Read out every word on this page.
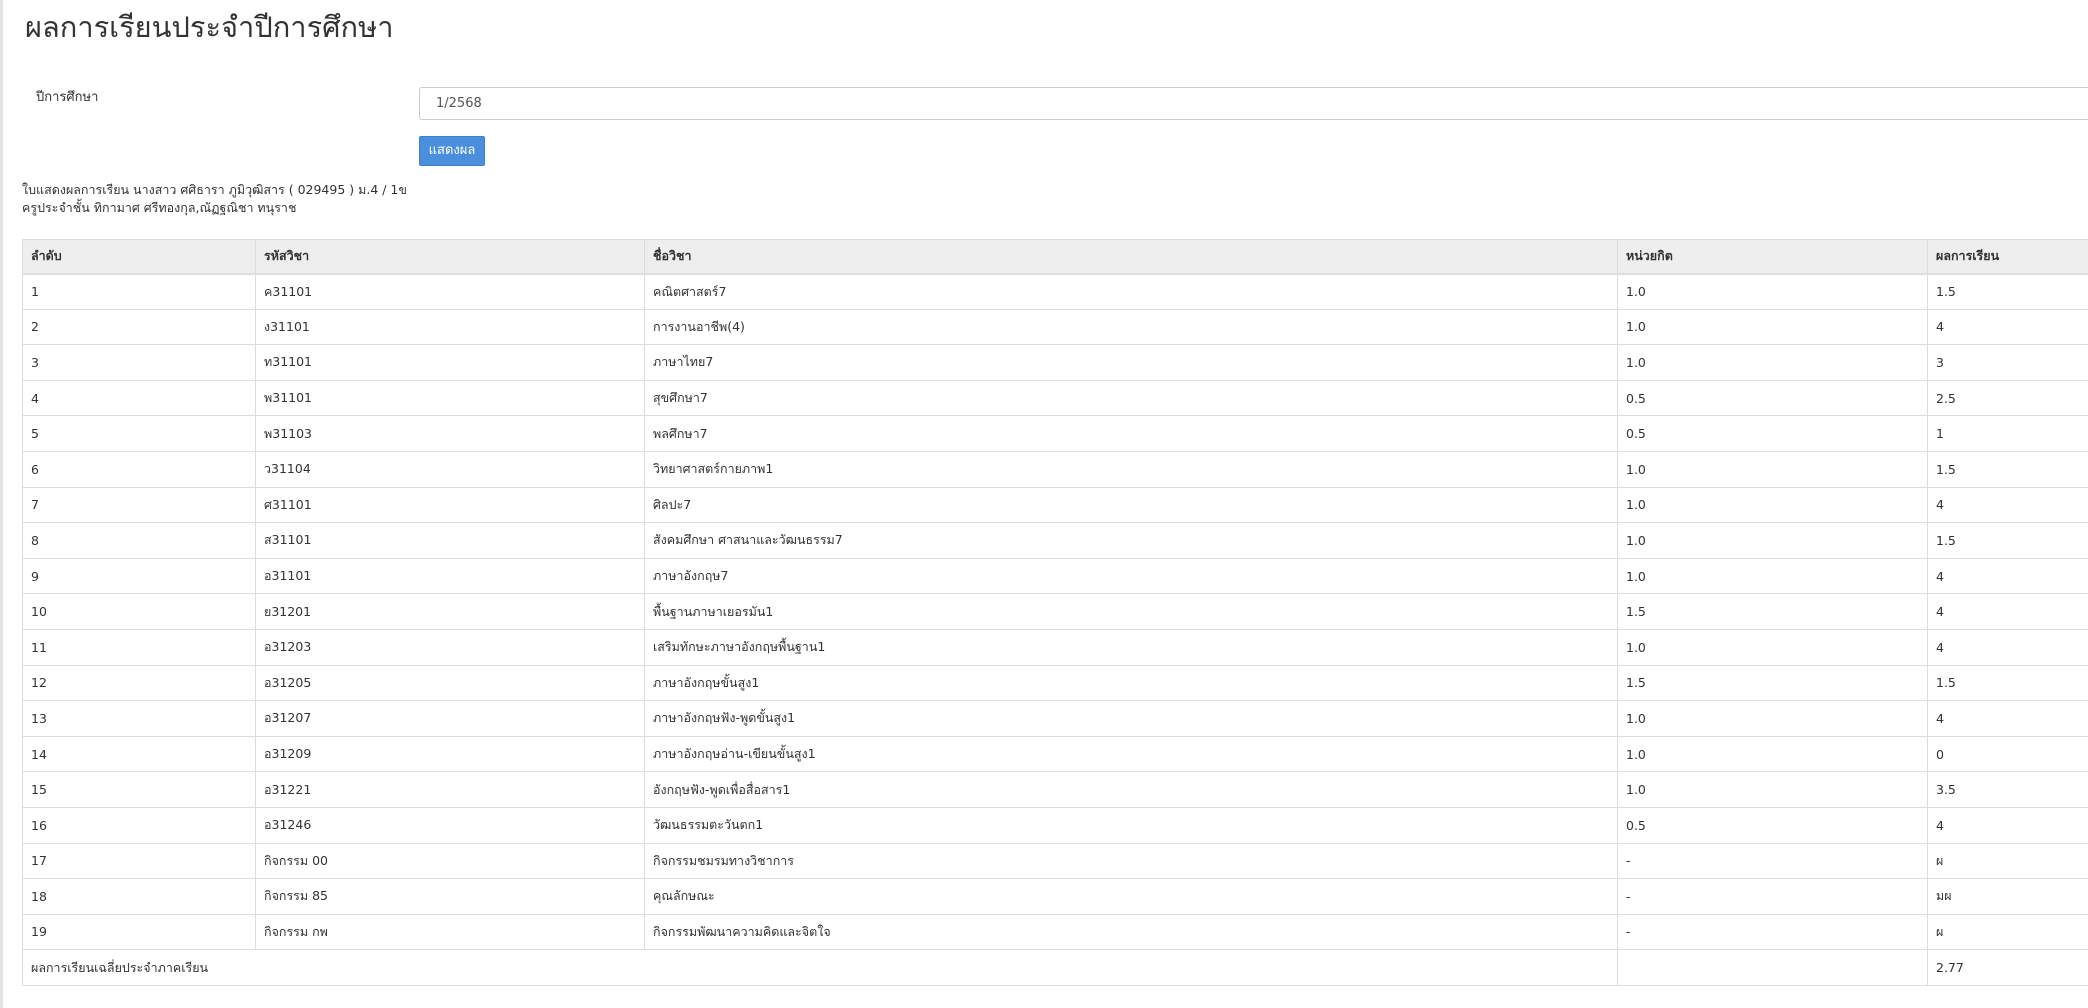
ผลการเรียนประจำปีการศึกษา
ปีการศึกษา	1/2568
แสดงผล
ใบแสดงผลการเรียน นางสาว ศศิธารา ภูมิวุฒิสาร ( 029495 ) ม.4 / 1ข
ครูประจำชั้น ทิกามาศ ศรีทองกุล,ณัฏฐณิชา ทนุราช
ลำดับ	รหัสวิชา	ชื่อวิชา	หน่วยกิต	ผลการเรียน
1	ค31101	คณิตศาสตร์7	1.0	1.5
2	ง31101	การงานอาชีพ(4)	1.0	4
3	ท31101	ภาษาไทย7	1.0	3
4	พ31101	สุขศึกษา7	0.5	2.5
5	พ31103	พลศึกษา7	0.5	1
6	ว31104	วิทยาศาสตร์กายภาพ1	1.0	1.5
7	ศ31101	ศิลปะ7	1.0	4
8	ส31101	สังคมศึกษา ศาสนาและวัฒนธรรม7	1.0	1.5
9	อ31101	ภาษาอังกฤษ7	1.0	4
10	ย31201	พื้นฐานภาษาเยอรมัน1	1.5	4
11	อ31203	เสริมทักษะภาษาอังกฤษพื้นฐาน1	1.0	4
12	อ31205	ภาษาอังกฤษขั้นสูง1	1.5	1.5
13	อ31207	ภาษาอังกฤษฟัง-พูดขั้นสูง1	1.0	4
14	อ31209	ภาษาอังกฤษอ่าน-เขียนขั้นสูง1	1.0	0
15	อ31221	อังกฤษฟัง-พูดเพื่อสื่อสาร1	1.0	3.5
16	อ31246	วัฒนธรรมตะวันตก1	0.5	4
17	กิจกรรม 00	กิจกรรมชมรมทางวิชาการ	-	ผ
18	กิจกรรม 85	คุณลักษณะ	-	มผ
19	กิจกรรม กพ	กิจกรรมพัฒนาความคิดและจิตใจ	-	ผ
ผลการเรียนเฉลี่ยประจำภาคเรียน				2.77
